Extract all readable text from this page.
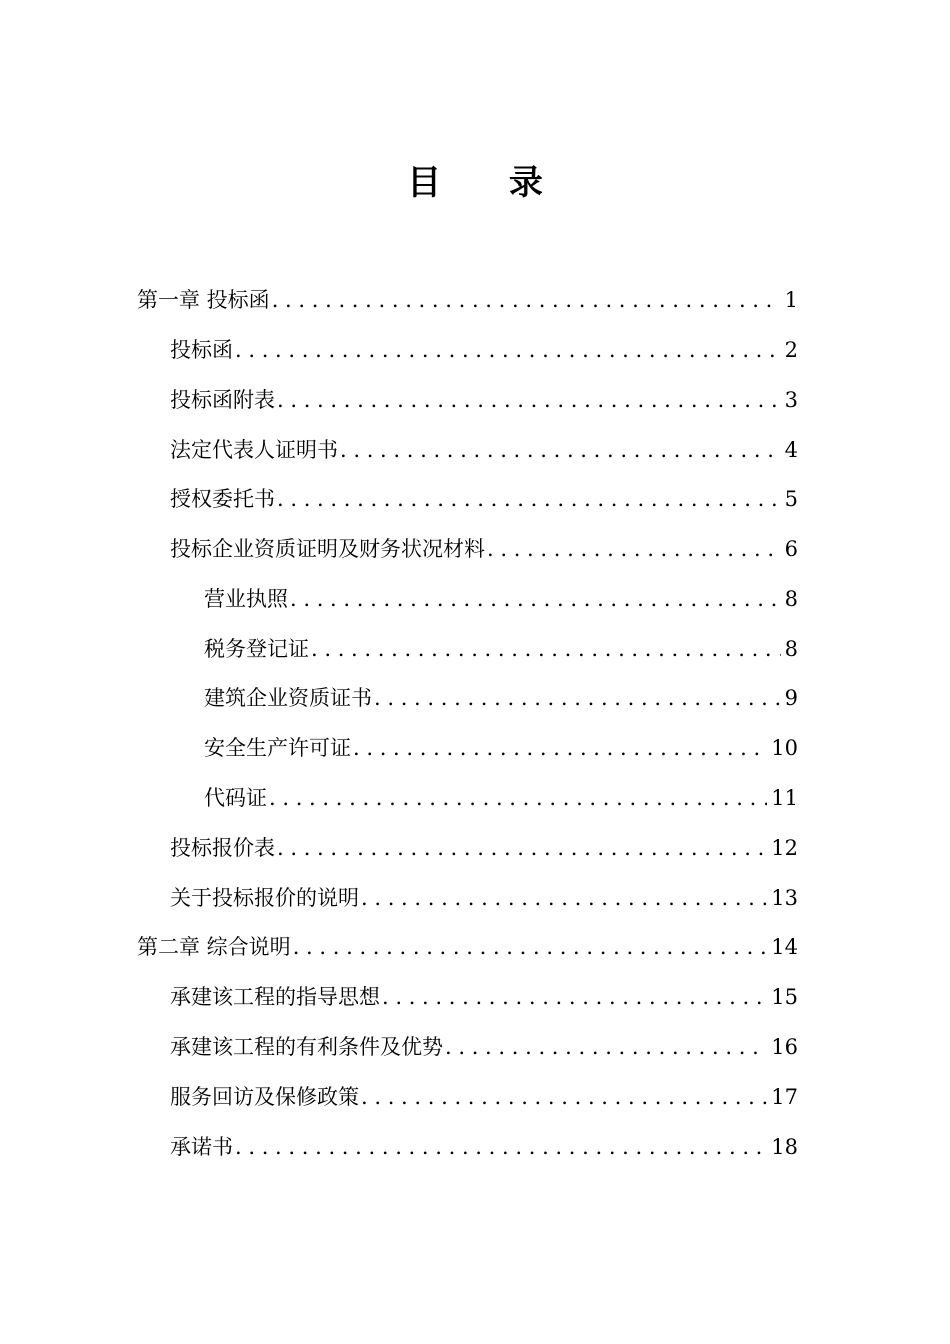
目 录
第一章 投标函 . . .	1
投标函 . . .	2
投标函附表 . . .	3
法定代表人证明书 . . .	4
授权委托书 . . .	5
投标企业资质证明及财务状况材料 . . .	6
营业执照 . . .	8
税务登记证 . . .	8
建筑企业资质证书 . . .	9
安全生产许可证 . . .	10
代码证 . . .	11
投标报价表 . . .	12
关于投标报价的说明 . . .	13
第二章 综合说明 . . .	14
承建该工程的指导思想 . . .	15
承建该工程的有利条件及优势 . . .	16
服务回访及保修政策 . . .	17
承诺书 . . .	18
